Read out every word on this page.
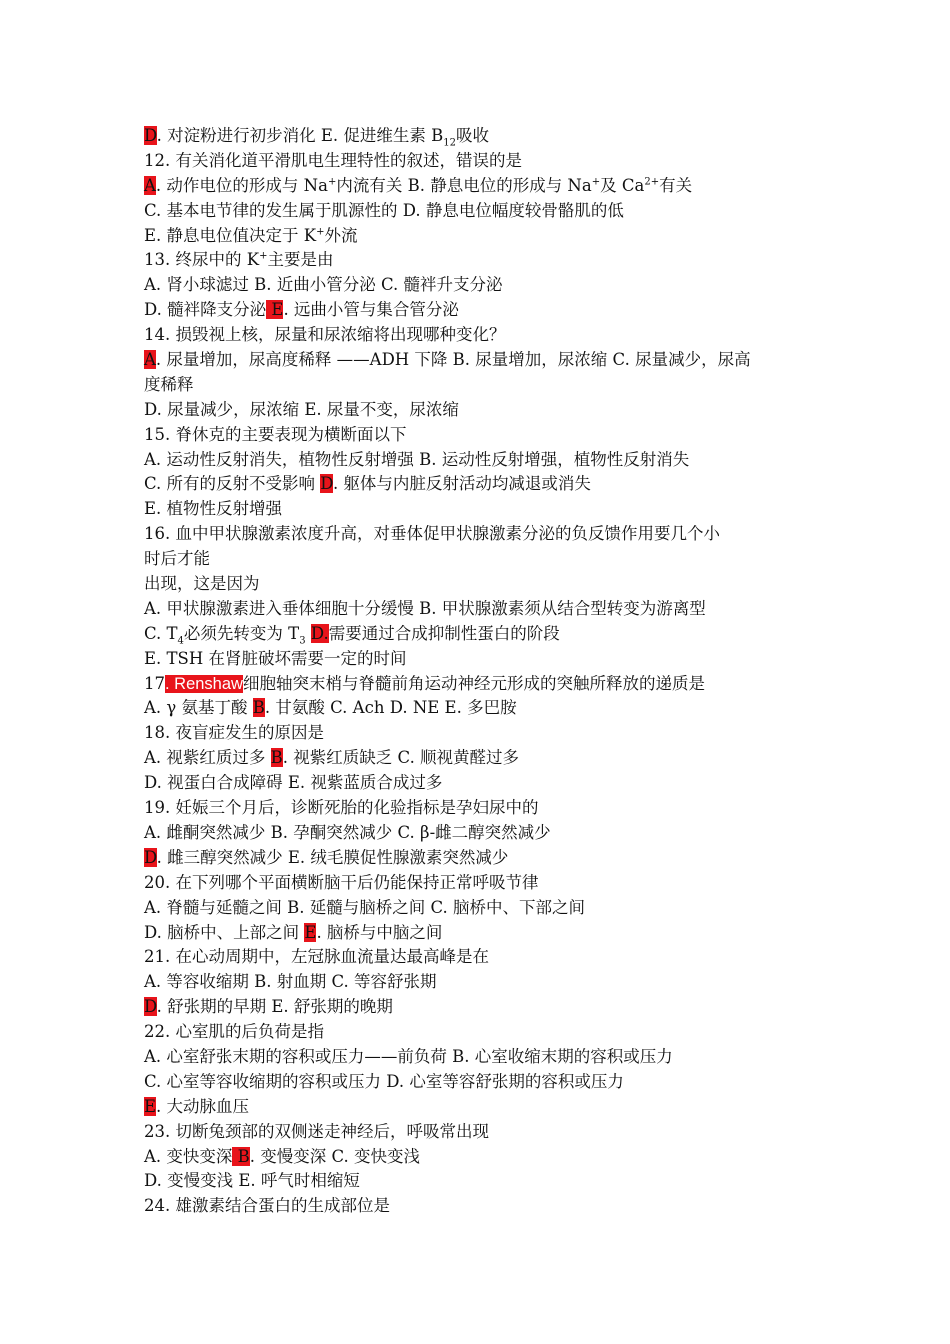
D. 对淀粉进行初步消化 E. 促进维生素 $B_{12}$吸收
12. 有关消化道平滑肌电生理特性的叙述，错误的是
A. 动作电位的形成与 Na+内流有关 B. 静息电位的形成与 Na+及 $Ca^{2+}$有关
C. 基本电节律的发生属于肌源性的 D. 静息电位幅度较骨骼肌的低
E. 静息电位值决定于 K+外流
13. 终尿中的 K+主要是由
A. 肾小球滤过 B. 近曲小管分泌 C. 髓袢升支分泌
D. 髓袢降支分泌 E. 远曲小管与集合管分泌
14. 损毁视上核，尿量和尿浓缩将出现哪种变化？
A. 尿量增加，尿高度稀释 ——ADH 下降 B. 尿量增加，尿浓缩 C. 尿量减少，尿高
度稀释
D. 尿量减少，尿浓缩 E. 尿量不变，尿浓缩
15. 脊休克的主要表现为横断面以下
A. 运动性反射消失，植物性反射增强 B. 运动性反射增强，植物性反射消失
C. 所有的反射不受影响 D. 躯体与内脏反射活动均减退或消失
E. 植物性反射增强
16. 血中甲状腺激素浓度升高，对垂体促甲状腺激素分泌的负反馈作用要几个小
时后才能
出现，这是因为
A. 甲状腺激素进入垂体细胞十分缓慢 B. 甲状腺激素须从结合型转变为游离型
C. $T_4$必须先转变为 $T_3$ D.需要通过合成抑制性蛋白的阶段
E. TSH 在肾脏破坏需要一定的时间
17. Renshaw细胞轴突末梢与脊髓前角运动神经元形成的突触所释放的递质是
A. γ 氨基丁酸 B. 甘氨酸 C. Ach D. NE E. 多巴胺
18. 夜盲症发生的原因是
A. 视紫红质过多 B. 视紫红质缺乏 C. 顺视黄醛过多
D. 视蛋白合成障碍 E. 视紫蓝质合成过多
19. 妊娠三个月后，诊断死胎的化验指标是孕妇尿中的
A. 雌酮突然减少 B. 孕酮突然减少 C. β-雌二醇突然减少
D. 雌三醇突然减少 E. 绒毛膜促性腺激素突然减少
20. 在下列哪个平面横断脑干后仍能保持正常呼吸节律
A. 脊髓与延髓之间 B. 延髓与脑桥之间 C. 脑桥中、下部之间
D. 脑桥中、上部之间 E. 脑桥与中脑之间
21. 在心动周期中，左冠脉血流量达最高峰是在
A. 等容收缩期 B. 射血期 C. 等容舒张期
D. 舒张期的早期 E. 舒张期的晚期
22. 心室肌的后负荷是指
A. 心室舒张末期的容积或压力——前负荷 B. 心室收缩末期的容积或压力
C. 心室等容收缩期的容积或压力 D. 心室等容舒张期的容积或压力
E. 大动脉血压
23. 切断兔颈部的双侧迷走神经后，呼吸常出现
A. 变快变深 B. 变慢变深 C. 变快变浅
D. 变慢变浅 E. 呼气时相缩短
24. 雄激素结合蛋白的生成部位是
